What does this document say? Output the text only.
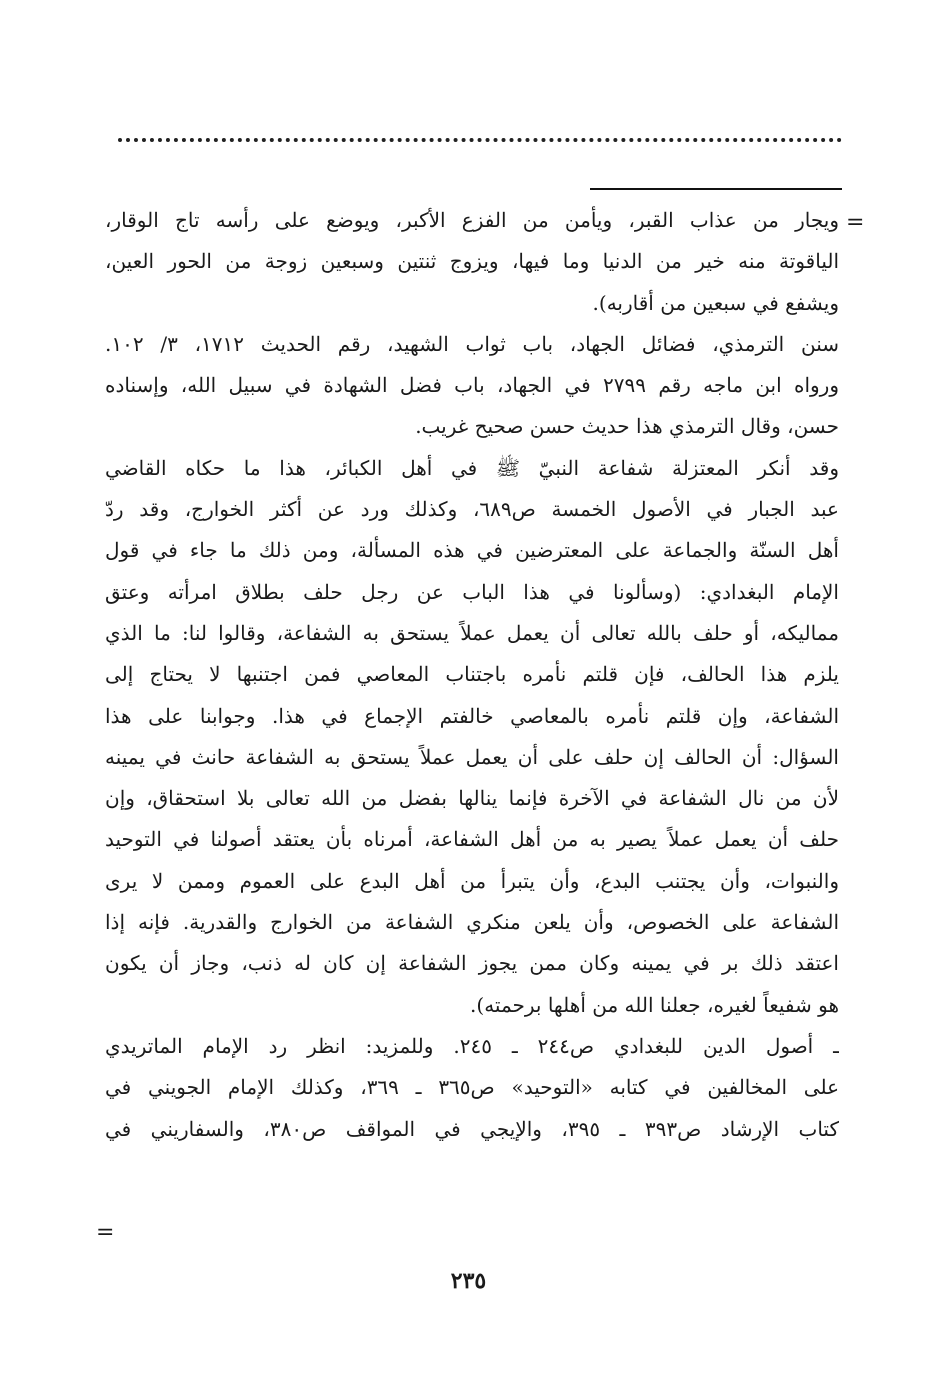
=
=
ويجار من عذاب القبر، ويأمن من الفزع الأكبر، ويوضع على رأسه تاج الوقار،
الياقوتة منه خير من الدنيا وما فيها، ويزوج ثنتين وسبعين زوجة من الحور العين،
ويشفع في سبعين من أقاربه).
سنن الترمذي، فضائل الجهاد، باب ثواب الشهيد، رقم الحديث ١٧١٢، ٣/ ١٠٢.
ورواه ابن ماجه رقم ٢٧٩٩ في الجهاد، باب فضل الشهادة في سبيل الله، وإسناده
حسن، وقال الترمذي هذا حديث حسن صحيح غريب.
وقد أنكر المعتزلة شفاعة النبيّ ﷺ في أهل الكبائر، هذا ما حكاه القاضي
عبد الجبار في الأصول الخمسة ص٦٨٩، وكذلك ورد عن أكثر الخوارج، وقد ردّ
أهل السنّة والجماعة على المعترضين في هذه المسألة، ومن ذلك ما جاء في قول
الإمام البغدادي: (وسألونا في هذا الباب عن رجل حلف بطلاق امرأته وعتق
مماليكه، أو حلف بالله تعالى أن يعمل عملاً يستحق به الشفاعة، وقالوا لنا: ما الذي
يلزم هذا الحالف، فإن قلتم نأمره باجتناب المعاصي فمن اجتنبها لا يحتاج إلى
الشفاعة، وإن قلتم نأمره بالمعاصي خالفتم الإجماع في هذا. وجوابنا على هذا
السؤال: أن الحالف إن حلف على أن يعمل عملاً يستحق به الشفاعة حانث في يمينه
لأن من نال الشفاعة في الآخرة فإنما ينالها بفضل من الله تعالى بلا استحقاق، وإن
حلف أن يعمل عملاً يصير به من أهل الشفاعة، أمرناه بأن يعتقد أصولنا في التوحيد
والنبوات، وأن يجتنب البدع، وأن يتبرأ من أهل البدع على العموم وممن لا يرى
الشفاعة على الخصوص، وأن يلعن منكري الشفاعة من الخوارج والقدرية. فإنه إذا
اعتقد ذلك بر في يمينه وكان ممن يجوز الشفاعة إن كان له ذنب، وجاز أن يكون
هو شفيعاً لغيره، جعلنا الله من أهلها برحمته).
ـ أصول الدين للبغدادي ص٢٤٤ ـ ٢٤٥. وللمزيد: انظر رد الإمام الماتريدي
على المخالفين في كتابه «التوحيد» ص٣٦٥ ـ ٣٦٩، وكذلك الإمام الجويني في
كتاب الإرشاد ص٣٩٣ ـ ٣٩٥، والإيجي في المواقف ص٣٨٠، والسفاريني في
٢٣٥
